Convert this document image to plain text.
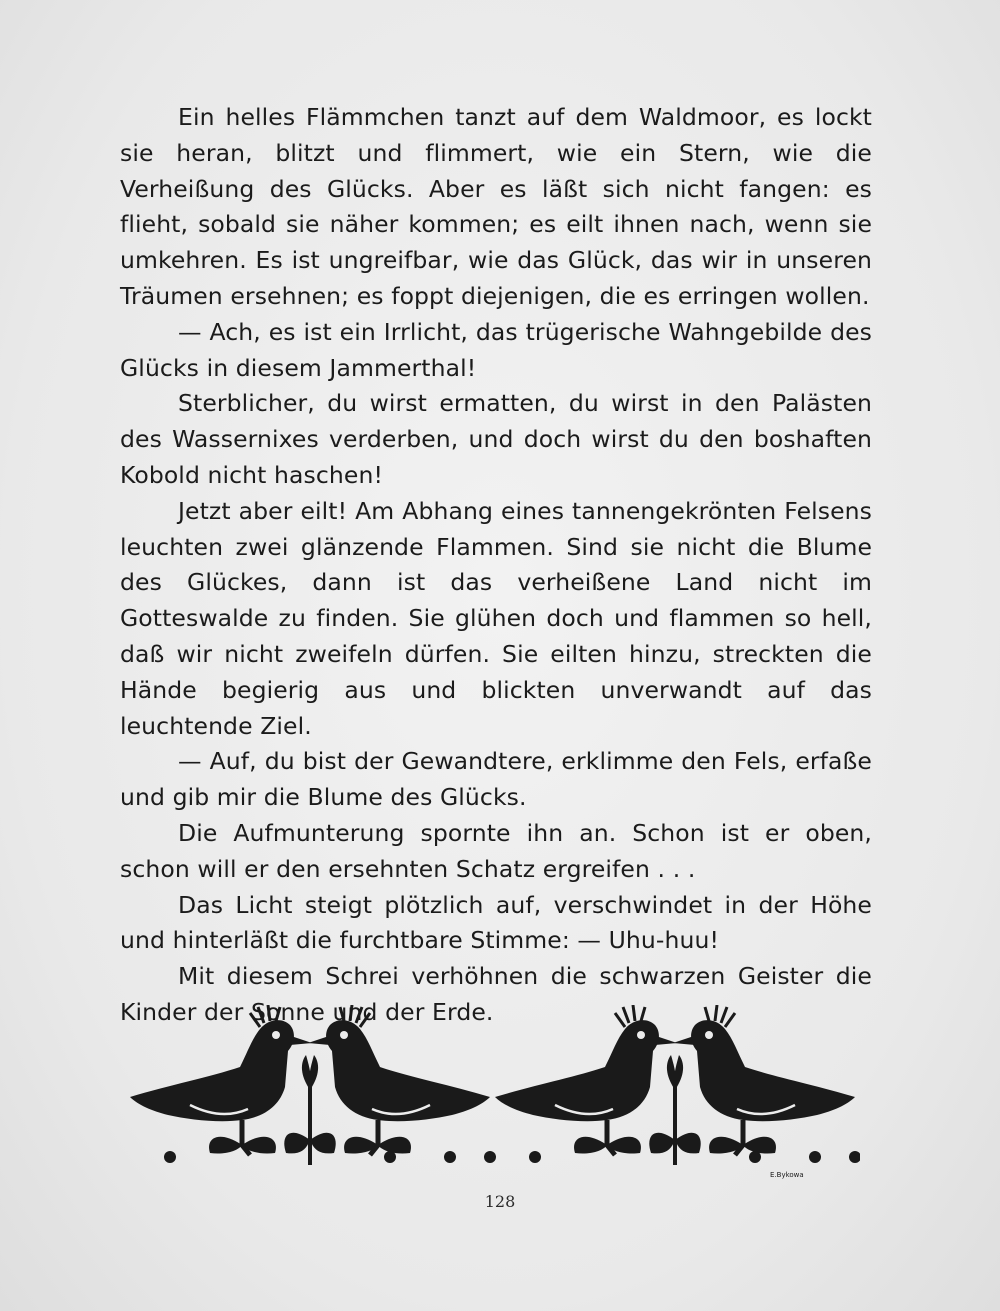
Ein helles Flämmchen tanzt auf dem Waldmoor, es lockt sie heran, blitzt und flimmert, wie ein Stern, wie die Verheißung des Glücks. Aber es läßt sich nicht fangen: es flieht, sobald sie näher kommen; es eilt ihnen nach, wenn sie umkehren. Es ist ungreifbar, wie das Glück, das wir in unseren Träumen ersehnen; es foppt diejenigen, die es erringen wollen.

— Ach, es ist ein Irrlicht, das trügerische Wahngebilde des Glücks in diesem Jammerthal!

Sterblicher, du wirst ermatten, du wirst in den Palästen des Wassernixes verderben, und doch wirst du den boshaften Kobold nicht haschen!

Jetzt aber eilt! Am Abhang eines tannengekrönten Felsens leuchten zwei glänzende Flammen. Sind sie nicht die Blume des Glückes, dann ist das verheißene Land nicht im Gotteswalde zu finden. Sie glühen doch und flammen so hell, daß wir nicht zweifeln dürfen. Sie eilten hinzu, streckten die Hände begierig aus und blickten unverwandt auf das leuchtende Ziel.

— Auf, du bist der Gewandtere, erklimme den Fels, erfaße und gib mir die Blume des Glücks.

Die Aufmunterung spornte ihn an. Schon ist er oben, schon will er den ersehnten Schatz ergreifen . . .

Das Licht steigt plötzlich auf, verschwindet in der Höhe und hinterläßt die furchtbare Stimme: — Uhu-huu!

Mit diesem Schrei verhöhnen die schwarzen Geister die Kinder der Sonne und der Erde.

E.Bykowa
128
